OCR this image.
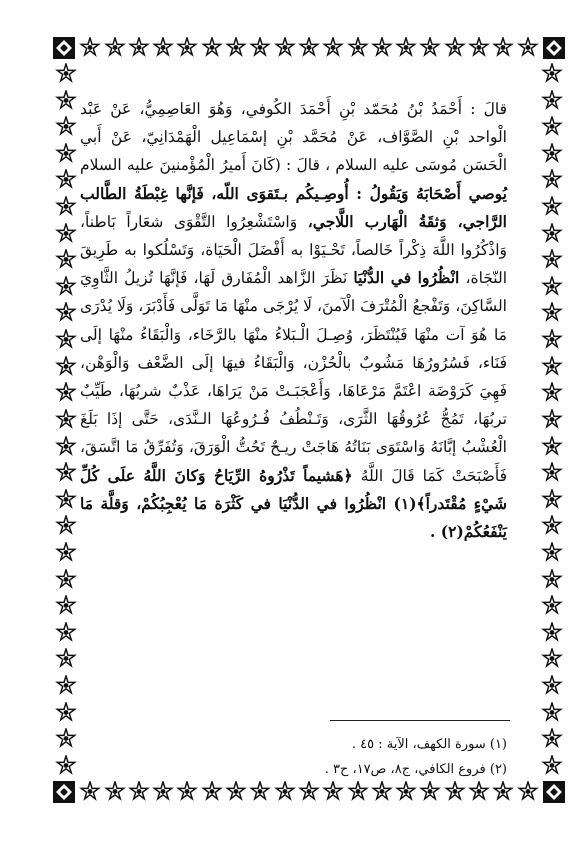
قالَ : أَحْمَدُ بْنُ مُحَمّد بْنِ أَحْمَدَ الكُوفي، وَهُوَ العَاصِمِيُّ، عَنْ عَبْد الْواحد بْنِ الصَّوَّاف، عَنْ مُحَمَّد بْنِ إسْمَاعِيل الْهَمْدَانِيّ، عَنْ أَبي الْحَسَن مُوسَى عليه السلام ، قالَ : (كَانَ أَميرُ الْمُؤْمنينَ عليه السلام يُوصي أَصْحَابَهُ وَيَقُولُ : أُوصِـيكُم بـتَقوَى اللّه، فَإنَّها غِبْطَةُ الطَّالب الرَّاجي، وَثقَةُ الْهَارب اللَّاجي، وَاسْتَشْعِرُوا التَّقْوَى شعَاراً بَاطناً، وَاذْكُرُوا اللَّهَ ذِكْراً خَالصاً، تَحْـيَوْا به أَفْضَلَ الْحَيَاة، وَتَسْلُكوا به طَرِيقَ النّجَاة، انْظُرُوا في الدُّنْيَا نَظَرَ الزَّاهد الْمُفَارق لَهَا، فَإنَّهَا تُزيلُ الثَّاوِيَ السَّاكِنَ، وَتَفْجعُ الْمُتْرَفَ الْآمنَ، لَا يُرْجَى منْهَا مَا تَوَلَّى فَأَدْبَرَ، وَلَا يُدْرَى مَا هُوَ آت منْهَا فَيُنْتَظَرَ، وُصِـلَ الْـبَلاءُ منْهَا بالرَّخَاء، وَالْبَقَاءُ منْهَا إلَى فَنَاء، فَسُرُورُهَا مَشُوبٌ بالْحُزْن، وَالْبَقَاءُ فيهَا إلَى الضَّعْف وَالْوَهْن، فَهِيَ كَرَوْضَة اعْتَمَّ مَرْعَاهَا، وَأَعْجَبَـتْ مَنْ يَرَاهَا، عَذْبٌ شربُهَا، طَيِّبٌ تربُهَا، تَمُجُّ عُرُوقُهَا الثَّرَى، وَتَـنْطُفُ فُـرُوعُهَا الـنَّدَى، حَتَّى إذَا بَلَغَ الْعُشْبُ إبَّانَهُ وَاسْتَوَى بَنَاتُهُ هَاجَتْ ريـحٌ تَحُتُّ الْوَرَقَ، وَتُفَرِّقُ مَا اتَّسَقَ، فَأَصْبَحَتْ كَمَا قَالَ اللَّهُ ﴿هَشيماً تَذْرُوهُ الرِّيَاحُ وَكانَ اللَّهُ علَى كُلِّ شَيْءٍ مُقْتَدراً﴾(١) انْظُرُوا في الدُّنْيَا في كَثْرَة مَا يُعْجِبُكُمْ، وَقلَّة مَا يَنْفَعُكُمْ(٢) .

(١) سورة الكهف، الآية : ٤٥ .
(٢) فروع الكافي، ج٨، ص١٧، ح٣ .
